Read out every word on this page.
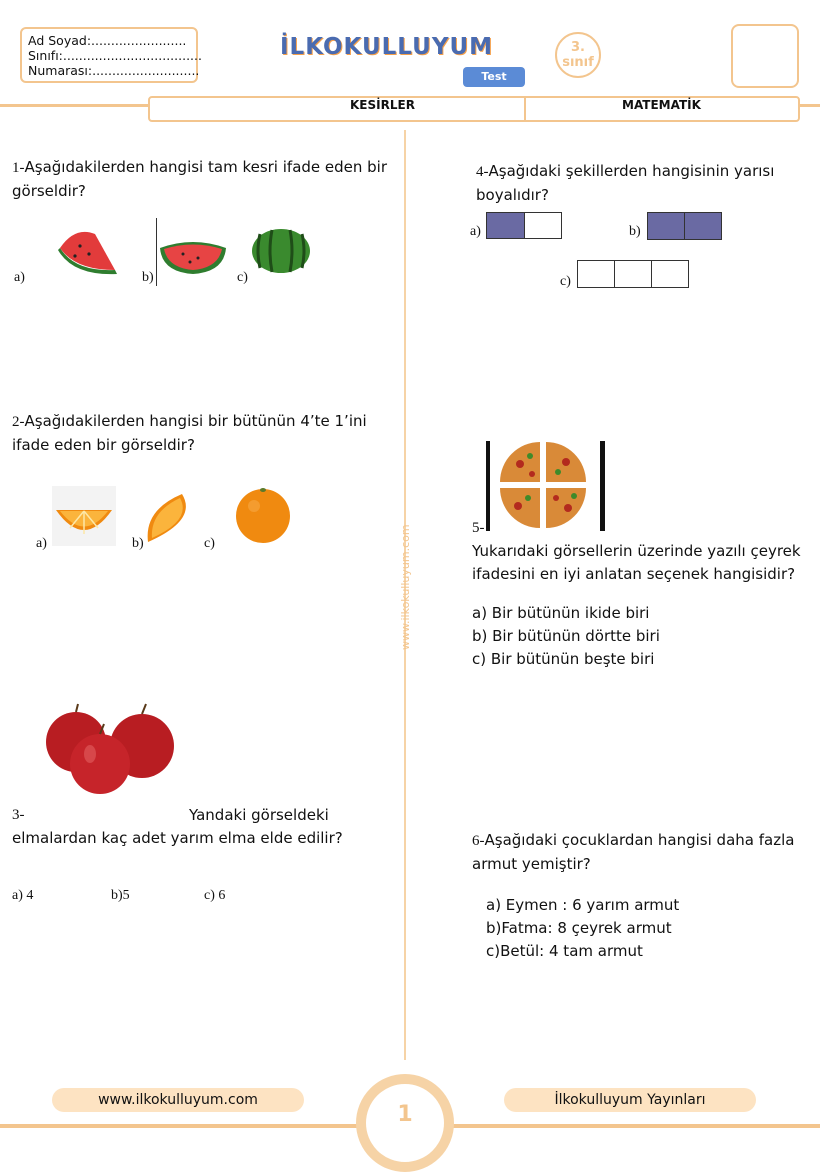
Ad Soyad:........................
Sınıfı:...................................
Numarası:...........................
İLKOKULLUYUM
Test
3.
sınıf
KESİRLER	MATEMATİK
www.ilkokulluyum.com
1-Aşağıdakilerden hangisi tam kesri ifade eden bir görseldir?
a)	b)	c)
2-Aşağıdakilerden hangisi bir bütünün 4’te 1’ini ifade eden bir görseldir?
a)	b)	c)
3-	Yandaki görseldeki
elmalardan kaç adet yarım elma elde edilir?
a) 4	b)5	c) 6
4-Aşağıdaki şekillerden hangisinin yarısı boyalıdır?
a)	b)
c)
5-
Yukarıdaki görsellerin üzerinde yazılı çeyrek ifadesini en iyi anlatan seçenek hangisidir?
a) Bir bütünün ikide biri
b) Bir bütünün dörtte biri
c) Bir bütünün beşte biri
6-Aşağıdaki çocuklardan hangisi daha fazla armut yemiştir?
a) Eymen : 6 yarım armut
b)Fatma: 8 çeyrek armut
c)Betül: 4 tam armut
1
www.ilkokulluyum.com	İlkokulluyum Yayınları
